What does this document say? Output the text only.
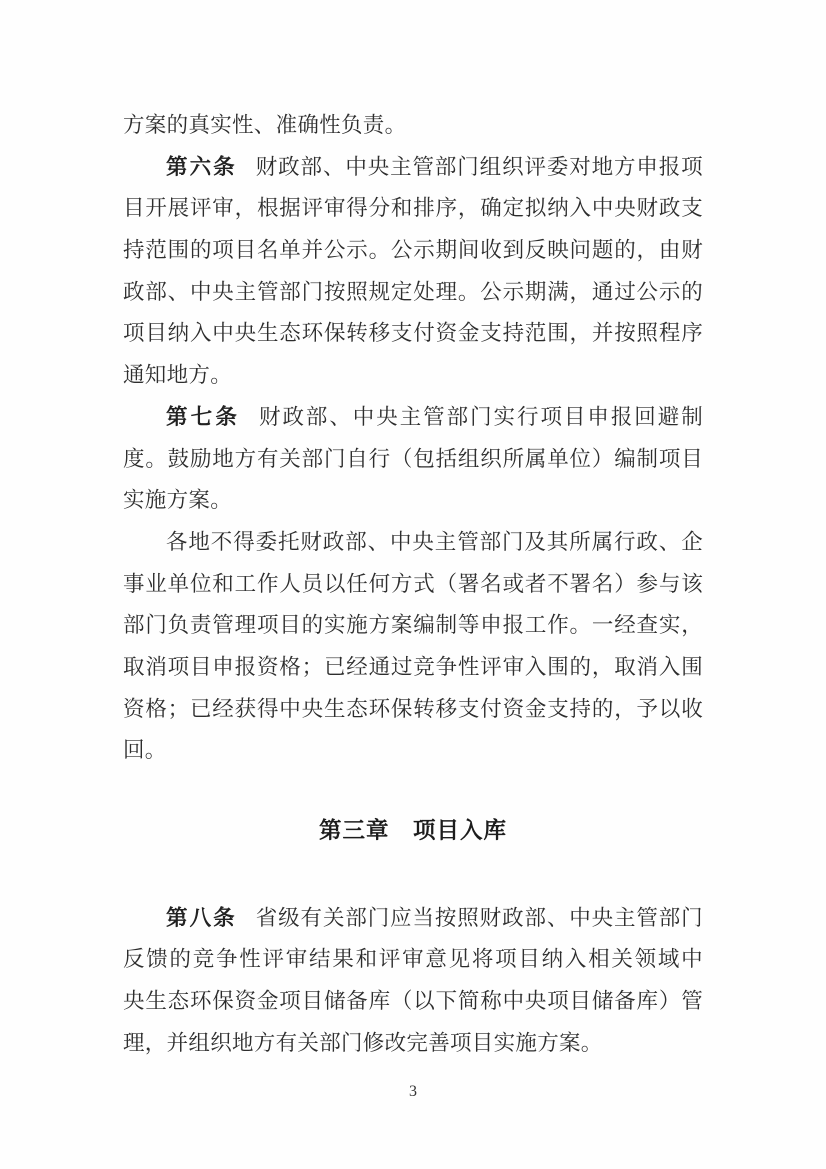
方案的真实性、准确性负责。
第六条 财政部、中央主管部门组织评委对地方申报项
目开展评审，根据评审得分和排序，确定拟纳入中央财政支
持范围的项目名单并公示。公示期间收到反映问题的，由财
政部、中央主管部门按照规定处理。公示期满，通过公示的
项目纳入中央生态环保转移支付资金支持范围，并按照程序
通知地方。
第七条 财政部、中央主管部门实行项目申报回避制
度。鼓励地方有关部门自行（包括组织所属单位）编制项目
实施方案。
各地不得委托财政部、中央主管部门及其所属行政、企
事业单位和工作人员以任何方式（署名或者不署名）参与该
部门负责管理项目的实施方案编制等申报工作。一经查实，
取消项目申报资格；已经通过竞争性评审入围的，取消入围
资格；已经获得中央生态环保转移支付资金支持的，予以收
回。
第三章　项目入库
第八条 省级有关部门应当按照财政部、中央主管部门
反馈的竞争性评审结果和评审意见将项目纳入相关领域中
央生态环保资金项目储备库（以下简称中央项目储备库）管
理，并组织地方有关部门修改完善项目实施方案。
3
